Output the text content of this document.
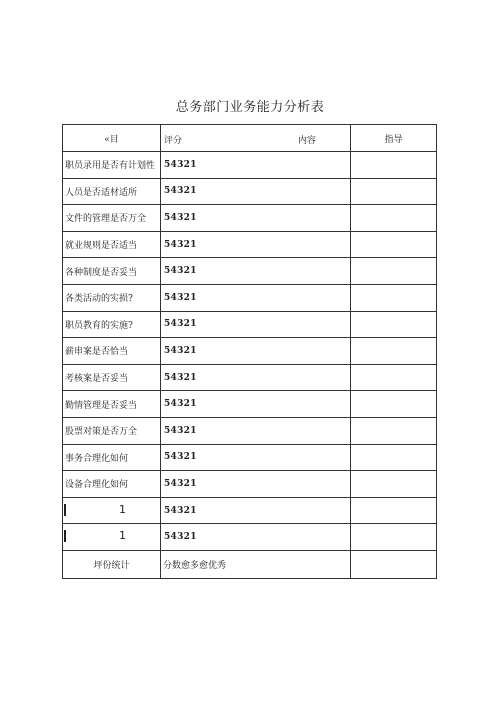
总务部门业务能力分析表
«目	评分 内容	指导
职员录用是否有计划性	54321	
人员是否适材适所	54321	
文件的管理是否万全	54321	
就业规则是否适当	54321	
各种制度是否妥当	54321	
各类活动的实损?	54321	
职员教育的实施?	54321	
薪串案是否恰当	54321	
考核案是否妥当	54321	
勤情管理是否妥当	54321	
股票对策是否万全	54321	
事务合理化如何	54321	
设备合理化如何	54321	

1	54321	

1	54321	
坪份统计	分数愈多愈优秀	
